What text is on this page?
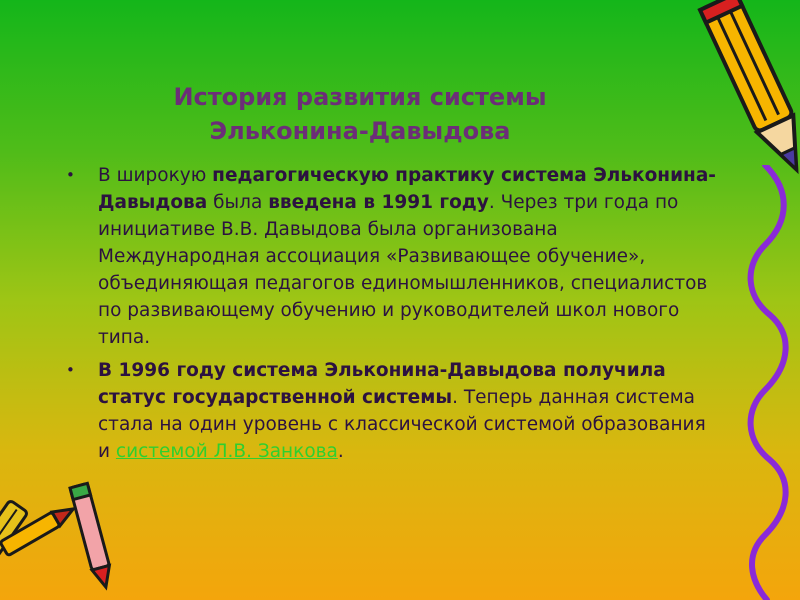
История развития системы
Эльконина-Давыдова
• В широкую педагогическую практику система Эльконина-Давыдова была введена в 1991 году. Через три года по инициативе В.В. Давыдова была организована Международная ассоциация «Развивающее обучение», объединяющая педагогов единомышленников, специалистов по развивающему обучению и руководителей школ нового типа.
• В 1996 году система Эльконина-Давыдова получила статус государственной системы. Теперь данная система стала на один уровень с классической системой образования и системой Л.В. Занкова.
